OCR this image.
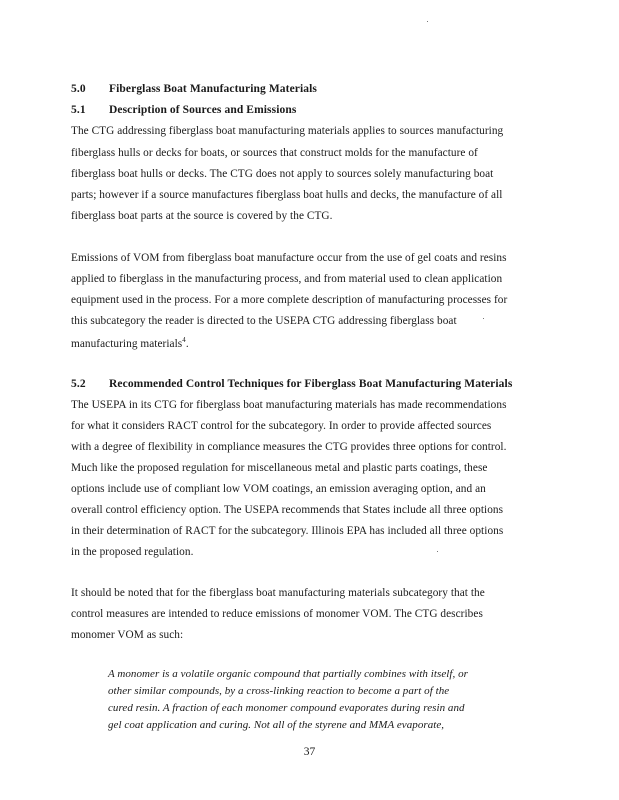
5.0 Fiberglass Boat Manufacturing Materials
5.1 Description of Sources and Emissions
The CTG addressing fiberglass boat manufacturing materials applies to sources manufacturing
fiberglass hulls or decks for boats, or sources that construct molds for the manufacture of
fiberglass boat hulls or decks. The CTG does not apply to sources solely manufacturing boat
parts; however if a source manufactures fiberglass boat hulls and decks, the manufacture of all
fiberglass boat parts at the source is covered by the CTG.
Emissions of VOM from fiberglass boat manufacture occur from the use of gel coats and resins
applied to fiberglass in the manufacturing process, and from material used to clean application
equipment used in the process. For a more complete description of manufacturing processes for
this subcategory the reader is directed to the USEPA CTG addressing fiberglass boat
manufacturing materials$^4$.
5.2 Recommended Control Techniques for Fiberglass Boat Manufacturing Materials
The USEPA in its CTG for fiberglass boat manufacturing materials has made recommendations
for what it considers RACT control for the subcategory. In order to provide affected sources
with a degree of flexibility in compliance measures the CTG provides three options for control.
Much like the proposed regulation for miscellaneous metal and plastic parts coatings, these
options include use of compliant low VOM coatings, an emission averaging option, and an
overall control efficiency option. The USEPA recommends that States include all three options
in their determination of RACT for the subcategory. Illinois EPA has included all three options
in the proposed regulation.
It should be noted that for the fiberglass boat manufacturing materials subcategory that the
control measures are intended to reduce emissions of monomer VOM. The CTG describes
monomer VOM as such:
A monomer is a volatile organic compound that partially combines with itself, or
other similar compounds, by a cross-linking reaction to become a part of the
cured resin. A fraction of each monomer compound evaporates during resin and
gel coat application and curing. Not all of the styrene and MMA evaporate,
37
